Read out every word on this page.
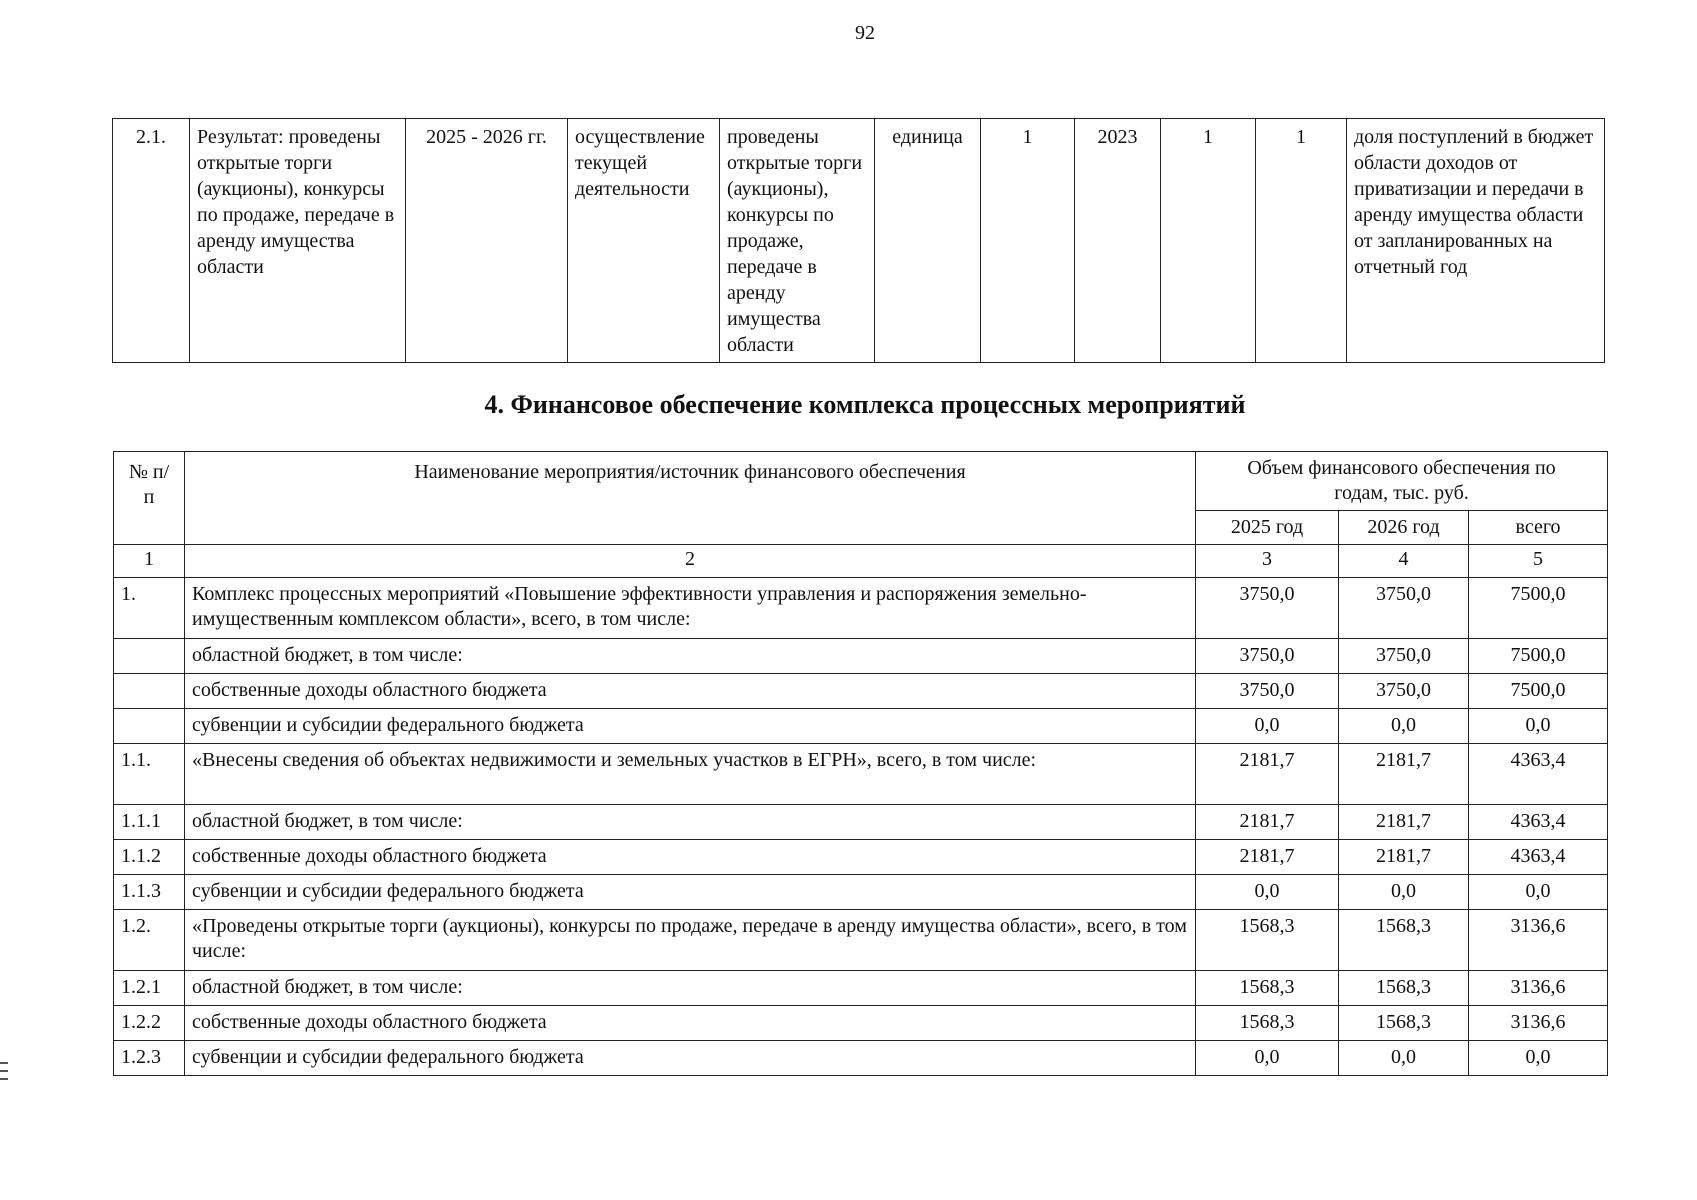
92
2.1.	Результат: проведены открытые торги (аукционы), конкурсы по продаже, передаче в аренду имущества области	2025 - 2026 гг.	осуществление текущей деятельности	проведены открытые торги (аукционы), конкурсы по продаже, передаче в аренду имущества области	единица	1	2023	1	1	доля поступлений в бюджет области доходов от приватизации и передачи в аренду имущества области от запланированных на отчетный год
4. Финансовое обеспечение комплекса процессных мероприятий
№ п/п	Наименование мероприятия/источник финансового обеспечения	Объем финансового обеспечения по годам, тыс. руб.		
		2025 год	2026 год	всего
1	2	3	4	5
1.	Комплекс процессных мероприятий «Повышение эффективности управления и распоряжения земельно-имущественным комплексом области», всего, в том числе:	3750,0	3750,0	7500,0
	областной бюджет, в том числе:	3750,0	3750,0	7500,0
	собственные доходы областного бюджета	3750,0	3750,0	7500,0
	субвенции и субсидии федерального бюджета	0,0	0,0	0,0
1.1.	«Внесены сведения об объектах недвижимости и земельных участков в ЕГРН», всего, в том числе:	2181,7	2181,7	4363,4
1.1.1	областной бюджет, в том числе:	2181,7	2181,7	4363,4
1.1.2	собственные доходы областного бюджета	2181,7	2181,7	4363,4
1.1.3	субвенции и субсидии федерального бюджета	0,0	0,0	0,0
1.2.	«Проведены открытые торги (аукционы), конкурсы по продаже, передаче в аренду имущества области», всего, в том числе:	1568,3	1568,3	3136,6
1.2.1	областной бюджет, в том числе:	1568,3	1568,3	3136,6
1.2.2	собственные доходы областного бюджета	1568,3	1568,3	3136,6
1.2.3	субвенции и субсидии федерального бюджета	0,0	0,0	0,0
